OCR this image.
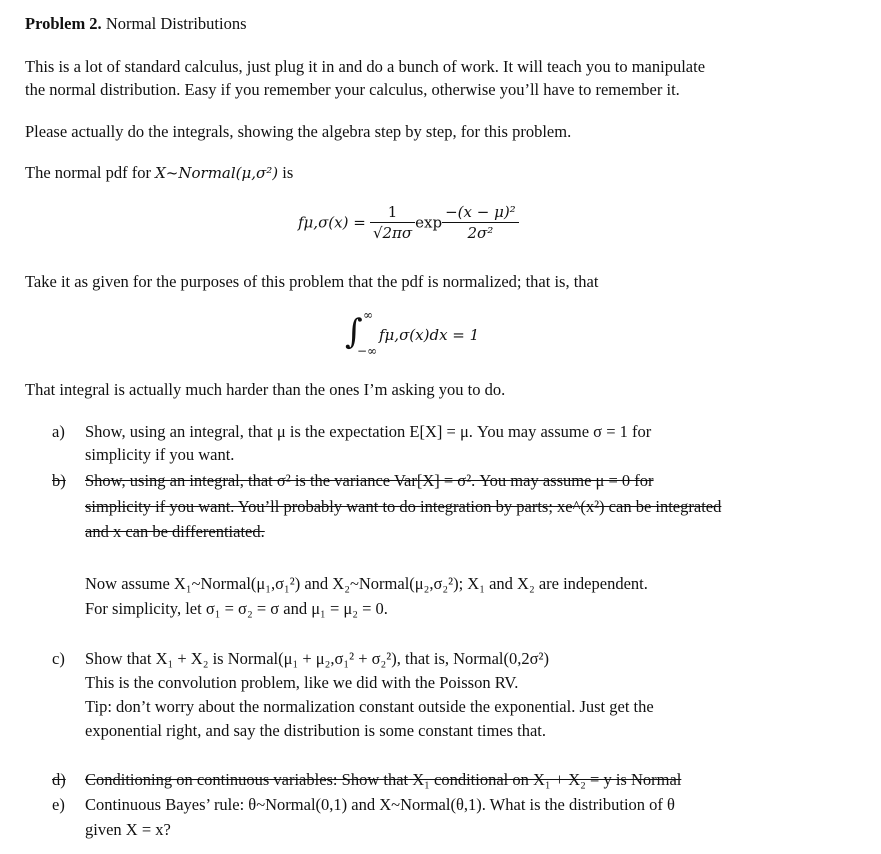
Problem 2. Normal Distributions
This is a lot of standard calculus, just plug it in and do a bunch of work. It will teach you to manipulate
the normal distribution. Easy if you remember your calculus, otherwise you’ll have to remember it.
Please actually do the integrals, showing the algebra step by step, for this problem.
The normal pdf for X~Normal(μ,σ²) is
$f\mu,\sigma(x) = \frac{1}{√2\pi\sigma}$ $\exp \frac{\text{−(x − μ)²}}{\text{2σ²}}$
Take it as given for the purposes of this problem that the pdf is normalized; that is, that
∫ ∞
−∞
fμ,σ(x)dx = 1
That integral is actually much harder than the ones I’m asking you to do.
a) Show, using an integral, that μ is the expectation E[X] = μ. You may assume σ = 1 for
simplicity if you want.
b) Show, using an integral, that σ² is the variance Var[X] = σ². You may assume μ = 0 for
simplicity if you want. You’ll probably want to do integration by parts; xe^(x²) can be integrated
and x can be differentiated.
Now assume X₁~Normal(μ₁,σ₁²) and X₂~Normal(μ₂,σ₂²); X₁ and X₂ are independent.
For simplicity, let σ₁ = σ₂ = σ and μ₁ = μ₂ = 0.
c) Show that X₁ + X₂ is Normal(μ₁ + μ₂,σ₁² + σ₂²), that is, Normal(0,2σ²)
This is the convolution problem, like we did with the Poisson RV.
Tip: don’t worry about the normalization constant outside the exponential. Just get the
exponential right, and say the distribution is some constant times that.
d) Conditioning on continuous variables: Show that X₁ conditional on X₁ + X₂ = y is Normal
e) Continuous Bayes’ rule: θ~Normal(0,1) and X~Normal(θ,1). What is the distribution of θ
given X = x?
